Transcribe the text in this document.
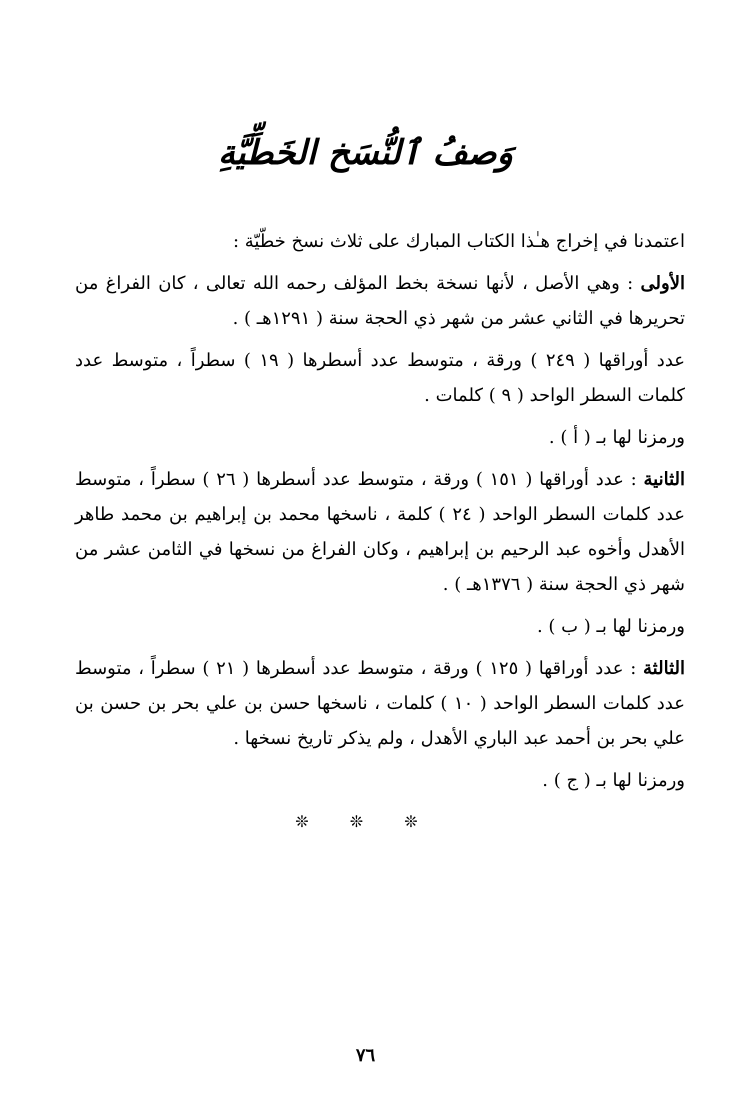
وَصفُ ٱلنُّسَخ الخَطِّيَّةِ

اعتمدنا في إخراج هـٰذا الكتاب المبارك على ثلاث نسخ خطّيّة :

الأولى : وهي الأصل ، لأنها نسخة بخط المؤلف رحمه الله تعالى ، كان الفراغ من تحريرها في الثاني عشر من شهر ذي الحجة سنة ( ١٢٩١هـ ) .

عدد أوراقها ( ٢٤٩ ) ورقة ، متوسط عدد أسطرها ( ١٩ ) سطراً ، متوسط عدد كلمات السطر الواحد ( ٩ ) كلمات .

ورمزنا لها بـ ( أ ) .

الثانية : عدد أوراقها ( ١٥١ ) ورقة ، متوسط عدد أسطرها ( ٢٦ ) سطراً ، متوسط عدد كلمات السطر الواحد ( ٢٤ ) كلمة ، ناسخها محمد بن إبراهيم بن محمد طاهر الأهدل وأخوه عبد الرحيم بن إبراهيم ، وكان الفراغ من نسخها في الثامن عشر من شهر ذي الحجة سنة ( ١٣٧٦هـ ) .

ورمزنا لها بـ ( ب ) .

الثالثة : عدد أوراقها ( ١٢٥ ) ورقة ، متوسط عدد أسطرها ( ٢١ ) سطراً ، متوسط عدد كلمات السطر الواحد ( ١٠ ) كلمات ، ناسخها حسن بن علي بحر بن حسن بن علي بحر بن أحمد عبد الباري الأهدل ، ولم يذكر تاريخ نسخها .

ورمزنا لها بـ ( ج ) .

❊ ❊ ❊
٧٦
